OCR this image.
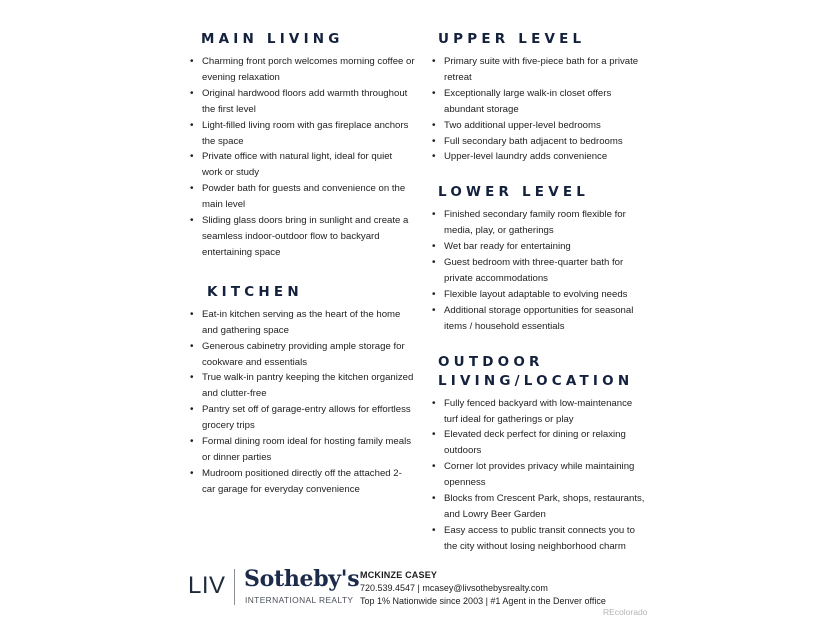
MAIN LIVING
• Charming front porch welcomes morning coffee or evening relaxation
• Original hardwood floors add warmth throughout the first level
• Light-filled living room with gas fireplace anchors the space
• Private office with natural light, ideal for quiet work or study
• Powder bath for guests and convenience on the main level
• Sliding glass doors bring in sunlight and create a seamless indoor-outdoor flow to backyard entertaining space
KITCHEN
• Eat-in kitchen serving as the heart of the home and gathering space
• Generous cabinetry providing ample storage for cookware and essentials
• True walk-in pantry keeping the kitchen organized and clutter-free
• Pantry set off of garage-entry allows for effortless grocery trips
• Formal dining room ideal for hosting family meals or dinner parties
• Mudroom positioned directly off the attached 2-car garage for everyday convenience
UPPER LEVEL
• Primary suite with five-piece bath for a private retreat
• Exceptionally large walk-in closet offers abundant storage
• Two additional upper-level bedrooms
• Full secondary bath adjacent to bedrooms
• Upper-level laundry adds convenience
LOWER LEVEL
• Finished secondary family room flexible for media, play, or gatherings
• Wet bar ready for entertaining
• Guest bedroom with three-quarter bath for private accommodations
• Flexible layout adaptable to evolving needs
• Additional storage opportunities for seasonal items / household essentials
OUTDOOR LIVING/LOCATION
• Fully fenced backyard with low-maintenance turf ideal for gatherings or play
• Elevated deck perfect for dining or relaxing outdoors
• Corner lot provides privacy while maintaining openness
• Blocks from Crescent Park, shops, restaurants, and Lowry Beer Garden
• Easy access to public transit connects you to the city without losing neighborhood charm
LIV Sotheby's
INTERNATIONAL REALTY
MCKINZE CASEY
720.539.4547 | mcasey@livsothebysrealty.com
Top 1% Nationwide since 2003 | #1 Agent in the Denver office
REcolorado
